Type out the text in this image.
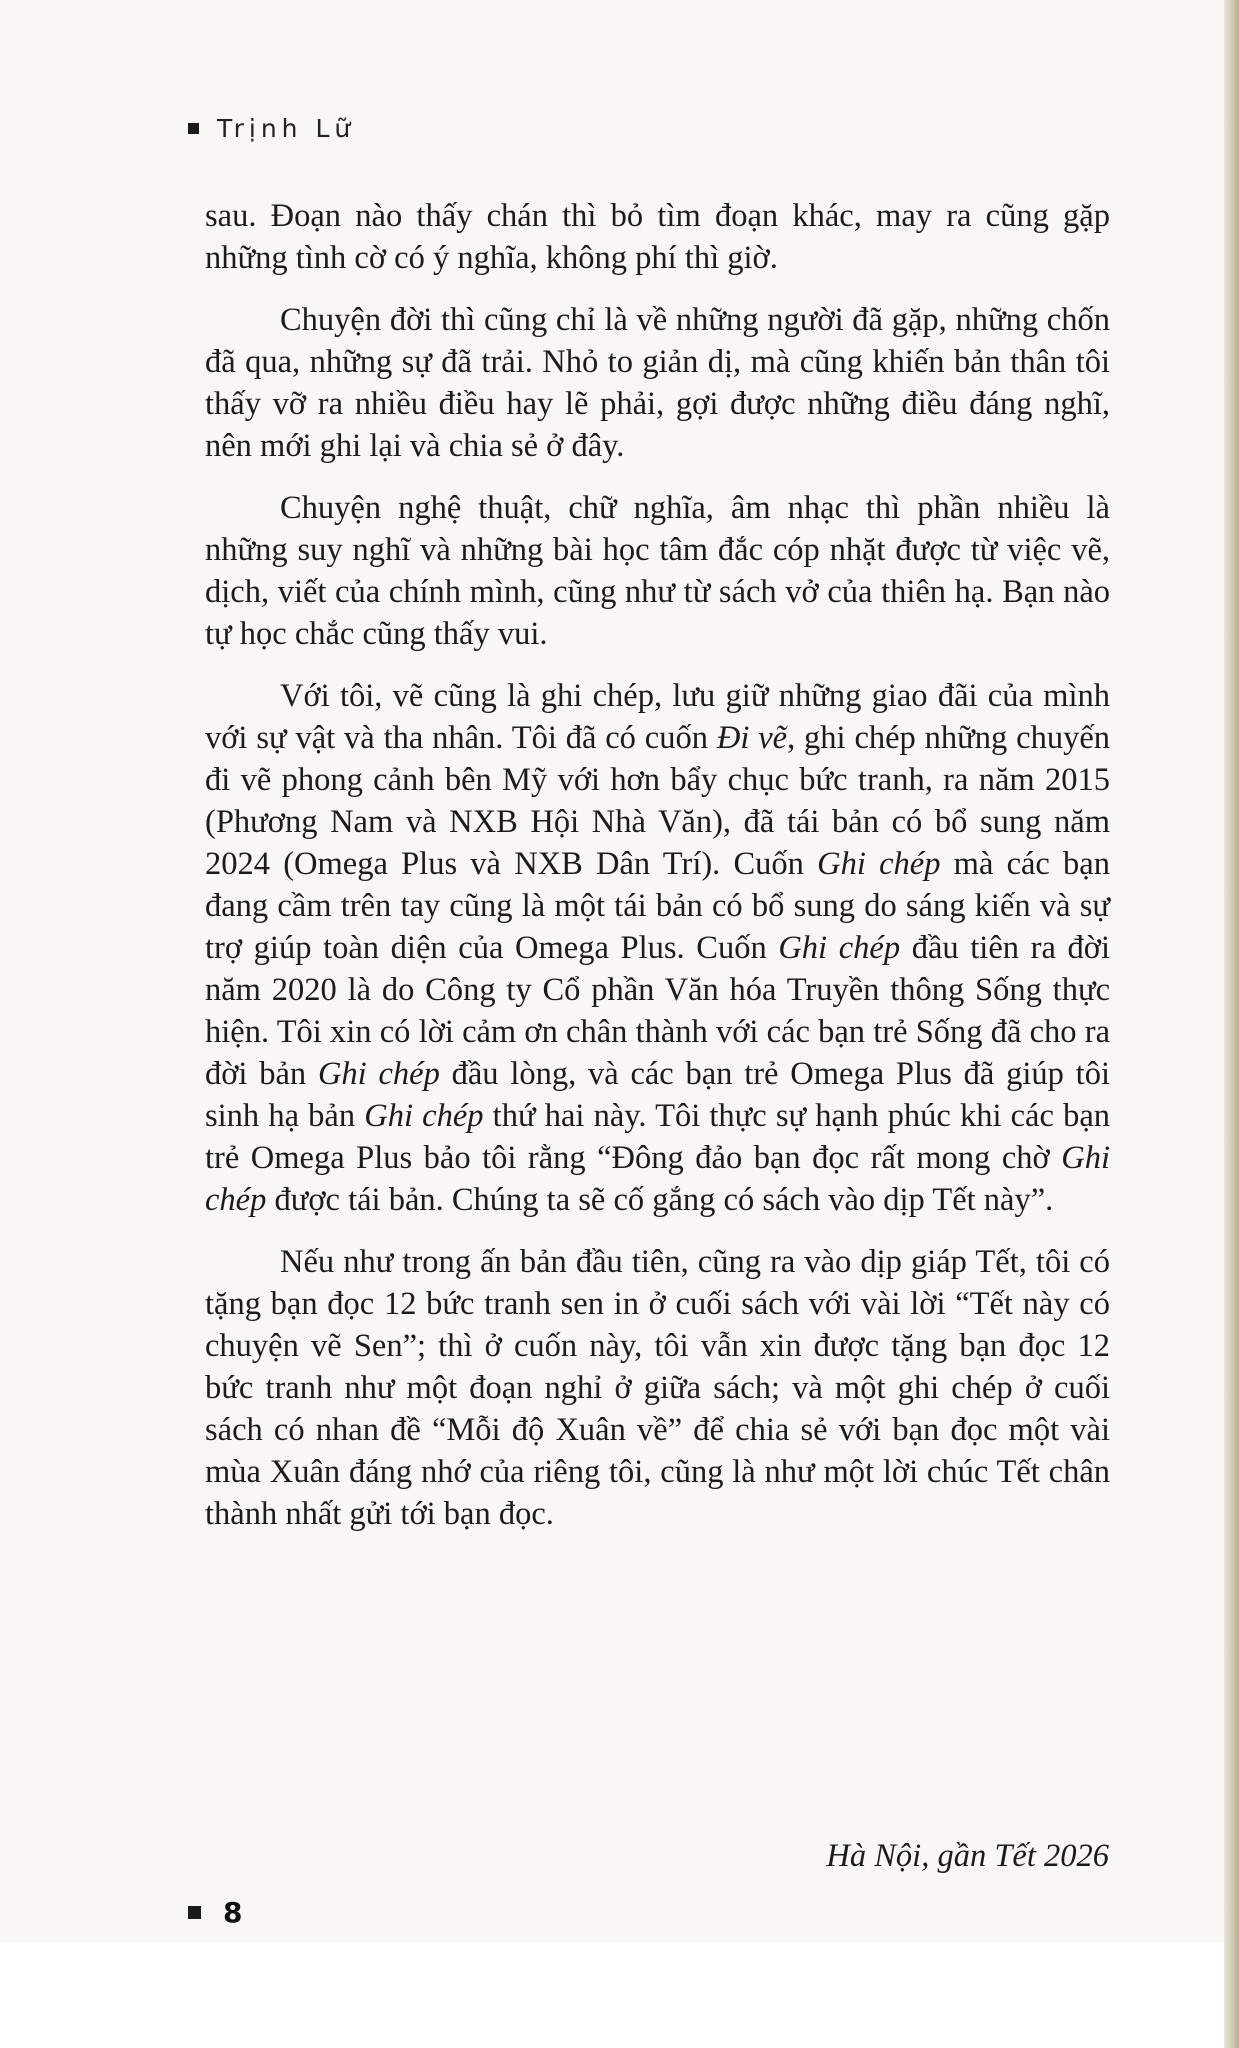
Trịnh Lữ

sau. Đoạn nào thấy chán thì bỏ tìm đoạn khác, may ra cũng gặp những tình cờ có ý nghĩa, không phí thì giờ.

Chuyện đời thì cũng chỉ là về những người đã gặp, những chốn đã qua, những sự đã trải. Nhỏ to giản dị, mà cũng khiến bản thân tôi thấy vỡ ra nhiều điều hay lẽ phải, gợi được những điều đáng nghĩ, nên mới ghi lại và chia sẻ ở đây.

Chuyện nghệ thuật, chữ nghĩa, âm nhạc thì phần nhiều là những suy nghĩ và những bài học tâm đắc cóp nhặt được từ việc vẽ, dịch, viết của chính mình, cũng như từ sách vở của thiên hạ. Bạn nào tự học chắc cũng thấy vui.

Với tôi, vẽ cũng là ghi chép, lưu giữ những giao đãi của mình với sự vật và tha nhân. Tôi đã có cuốn Đi vẽ, ghi chép những chuyến đi vẽ phong cảnh bên Mỹ với hơn bẩy chục bức tranh, ra năm 2015 (Phương Nam và NXB Hội Nhà Văn), đã tái bản có bổ sung năm 2024 (Omega Plus và NXB Dân Trí). Cuốn Ghi chép mà các bạn đang cầm trên tay cũng là một tái bản có bổ sung do sáng kiến và sự trợ giúp toàn diện của Omega Plus. Cuốn Ghi chép đầu tiên ra đời năm 2020 là do Công ty Cổ phần Văn hóa Truyền thông Sống thực hiện. Tôi xin có lời cảm ơn chân thành với các bạn trẻ Sống đã cho ra đời bản Ghi chép đầu lòng, và các bạn trẻ Omega Plus đã giúp tôi sinh hạ bản Ghi chép thứ hai này. Tôi thực sự hạnh phúc khi các bạn trẻ Omega Plus bảo tôi rằng “Đông đảo bạn đọc rất mong chờ Ghi chép được tái bản. Chúng ta sẽ cố gắng có sách vào dịp Tết này”.

Nếu như trong ấn bản đầu tiên, cũng ra vào dịp giáp Tết, tôi có tặng bạn đọc 12 bức tranh sen in ở cuối sách với vài lời “Tết này có chuyện vẽ Sen”; thì ở cuốn này, tôi vẫn xin được tặng bạn đọc 12 bức tranh như một đoạn nghỉ ở giữa sách; và một ghi chép ở cuối sách có nhan đề “Mỗi độ Xuân về” để chia sẻ với bạn đọc một vài mùa Xuân đáng nhớ của riêng tôi, cũng là như một lời chúc Tết chân thành nhất gửi tới bạn đọc.

Hà Nội, gần Tết 2026
8
